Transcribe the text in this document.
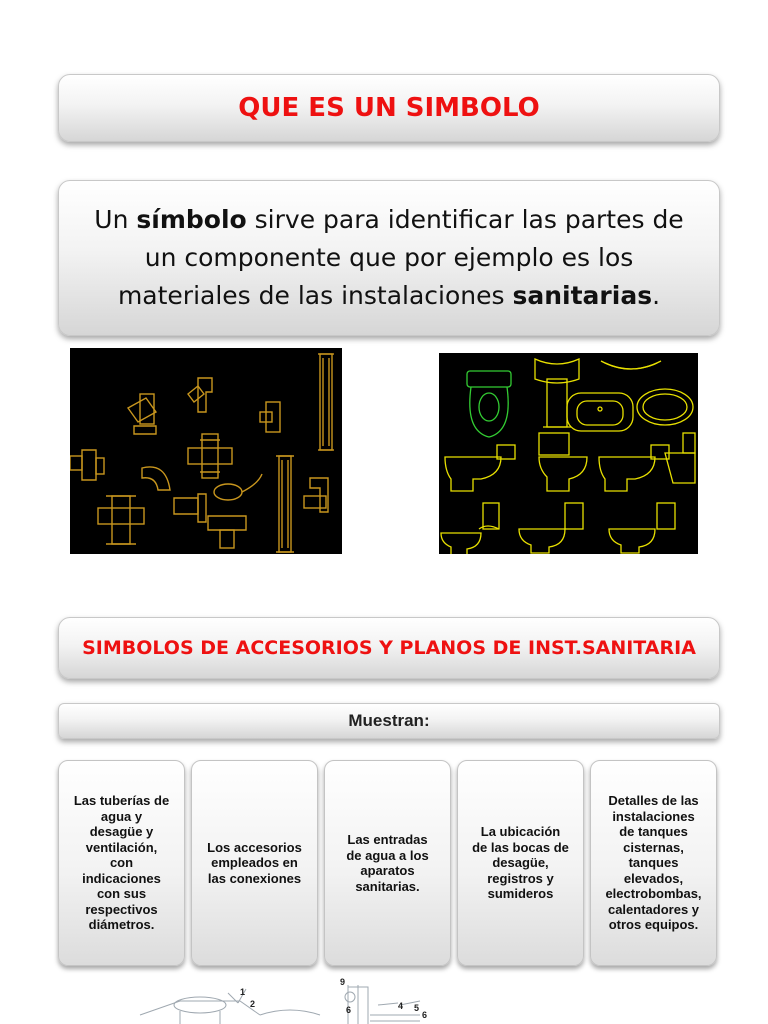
QUE ES UN SIMBOLO
Un símbolo sirve para identificar las partes de un componente que por ejemplo es los materiales de las instalaciones sanitarias.
SIMBOLOS DE ACCESORIOS Y PLANOS DE INST.SANITARIA
Muestran:
Las tuberías de
agua y
desagüe y
ventilación,
con
indicaciones
con sus
respectivos
diámetros.
Los accesorios
empleados en
las conexiones
Las entradas
de agua a los
aparatos
sanitarias.
La ubicación
de las bocas de
desagüe,
registros y
sumideros
Detalles de las
instalaciones
de tanques
cisternas,
tanques
elevados,
electrobombas,
calentadores y
otros equipos.
1
2
9
4 5
6
6
